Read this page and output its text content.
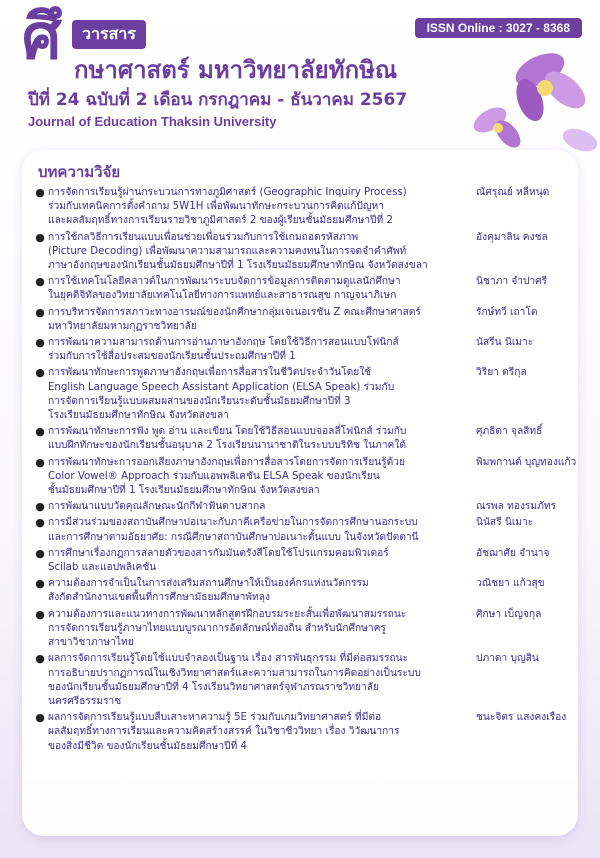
ศึ	วารสาร
กษาศาสตร์ มหาวิทยาลัยทักษิณ
ISSN Online : 3027 - 8368
ปีที่ 24 ฉบับที่ 2 เดือน กรกฎาคม - ธันวาคม 2567
Journal of Education Thaksin University
บทความวิจัย
● การจัดการเรียนรู้ผ่านกระบวนการทางภูมิศาสตร์ (Geographic Inquiry Process)
ร่วมกับเทคนิคการตั้งคำถาม 5W1H เพื่อพัฒนาทักษะกระบวนการคิดแก้ปัญหา
และผลสัมฤทธิ์ทางการเรียนรายวิชาภูมิศาสตร์ 2 ของผู้เรียนชั้นมัธยมศึกษาปีที่ 2
ณัศรุณย์ หลีหนุด
● การใช้กลวิธีการเรียนแบบเพื่อนช่วยเพื่อนร่วมกับการใช้เกมถอดรหัสภาพ
(Picture Decoding) เพื่อพัฒนาความสามารถและความคงทนในการจดจำคำศัพท์
ภาษาอังกฤษของนักเรียนชั้นมัธยมศึกษาปีที่ 1 โรงเรียนมัธยมศึกษาทักษิณ จังหวัดสงขลา
อังคุมาลิน คงชล
● การใช้เทคโนโลยีคลาวด์ในการพัฒนาระบบจัดการข้อมูลการติดตามดูแลนักศึกษา
ในยุคดิจิทัลของวิทยาลัยเทคโนโลยีทางการแพทย์และสาธารณสุข กาญจนาภิเษก
นิชาภา จำปาศรี
● การบริหารจัดการสภาวะทางอารมณ์ของนักศึกษากลุ่มเจเนอเรชัน Z คณะศึกษาศาสตร์
มหาวิทยาลัยมหามกุฏราชวิทยาลัย
รักษ์ทวี เถาโต
● การพัฒนาความสามารถด้านการอ่านภาษาอังกฤษ โดยใช้วิธีการสอนแบบโฟนิกส์
ร่วมกับการใช้สื่อประสมของนักเรียนชั้นประถมศึกษาปีที่ 1
นัสรีน นิเมาะ
● การพัฒนาทักษะการพูดภาษาอังกฤษเพื่อการสื่อสารในชีวิตประจำวันโดยใช้
English Language Speech Assistant Application (ELSA Speak) ร่วมกับ
การจัดการเรียนรู้แบบผสมผสานของนักเรียนระดับชั้นมัธยมศึกษาปีที่ 3
โรงเรียนมัธยมศึกษาทักษิณ จังหวัดสงขลา
วิริยา ตรีกุล
● การพัฒนาทักษะการฟัง พูด อ่าน และเขียน โดยใช้วิธีสอนแบบจอลลี่โฟนิกส์ ร่วมกับ
แบบฝึกทักษะของนักเรียนชั้นอนุบาล 2 โรงเรียนนานาชาติในระบบบริทิช ในภาคใต้
ศุภธิดา จุลสิทธิ์
● การพัฒนาทักษะการออกเสียงภาษาอังกฤษเพื่อการสื่อสารโดยการจัดการเรียนรู้ด้วย
Color Vowel® Approach ร่วมกับแอพพลิเคชัน ELSA Speak ของนักเรียน
ชั้นมัธยมศึกษาปีที่ 1 โรงเรียนมัธยมศึกษาทักษิณ จังหวัดสงขลา
พิมพกานต์ บุญทองแก้ว
● การพัฒนาแบบวัดคุณลักษณะนักกีฬาฟันดาบสากล	ณรพล ทองรมภัทร
● การมีส่วนร่วมของสถาบันศึกษาปอเนาะกับภาคีเครือข่ายในการจัดการศึกษานอกระบบ
และการศึกษาตามอัธยาศัย: กรณีศึกษาสถาบันศึกษาปอเนาะดั้นแบบ ในจังหวัดปัตตานี
นินัสรี นิเมาะ
● การศึกษาเรื่องกฎการสลายตัวของสารกัมมันตรังสีโดยใช้โปรแกรมคอมพิวเตอร์
Scilab และแอปพลิเคชัน
อัชฌาศัย จำนาจ
● ความต้องการจำเป็นในการส่งเสริมสถานศึกษาให้เป็นองค์กรแห่งนวัตกรรม
สังกัดสำนักงานเขตพื้นที่การศึกษามัธยมศึกษาพัทลุง
วณิชยา แก้วสุข
● ความต้องการและแนวทางการพัฒนาหลักสูตรฝึกอบรมระยะสั้นเพื่อพัฒนาสมรรถนะ
การจัดการเรียนรู้ภาษาไทยแบบบูรณาการอัตลักษณ์ท้องถิ่น สำหรับนักศึกษาครู
สาขาวิชาภาษาไทย
ศิกษา เบ็ญจกุล
● ผลการจัดการเรียนรู้โดยใช้แบบจำลองเป็นฐาน เรื่อง สารพันธุกรรม ที่มีต่อสมรรถนะ
การอธิบายปรากฏการณ์ในเชิงวิทยาศาสตร์และความสามารถในการคิดอย่างเป็นระบบ
ของนักเรียนชั้นมัธยมศึกษาปีที่ 4 โรงเรียนวิทยาศาสตร์จุฬาภรณราชวิทยาลัย
นครศรีธรรมราช
ปภาดา บุญสิน
● ผลการจัดการเรียนรู้แบบสืบเสาะหาความรู้ 5E ร่วมกับเกมวิทยาศาสตร์ ที่มีต่อ
ผลสัมฤทธิ์ทางการเรียนและความคิดสร้างสรรค์ ในวิชาชีววิทยา เรื่อง วิวัฒนาการ
ของสิ่งมีชีวิต ของนักเรียนชั้นมัธยมศึกษาปีที่ 4
ชนะจิตร แสงคงเรือง
